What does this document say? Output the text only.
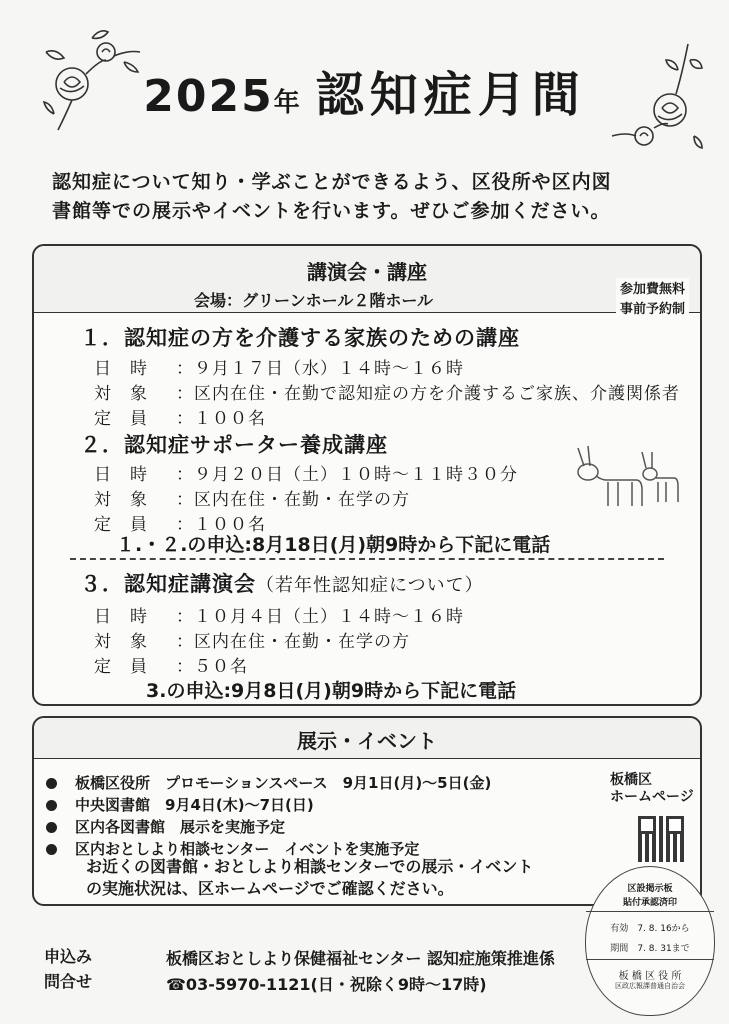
2025年 認知症月間
認知症について知り・学ぶことができるよう、区役所や区内図
書館等での展示やイベントを行います。ぜひご参加ください。
講演会・講座
会場：グリーンホール２階ホール
参加費無料
事前予約制
１．認知症の方を介護する家族のための講座
日　時 ：９月１７日（水）１４時～１６時
対　象 ：区内在住・在勤で認知症の方を介護するご家族、介護関係者
定　員 ：１００名
２．認知症サポーター養成講座
日　時 ：９月２０日（土）１０時～１１時３０分
対　象 ：区内在住・在勤・在学の方
定　員 ：１００名
１.・２.の申込:8月18日(月)朝9時から下記に電話
３．認知症講演会（若年性認知症について）
日　時 ：１０月４日（土）１４時～１６時
対　象 ：区内在住・在勤・在学の方
定　員 ：５０名
3.の申込:9月8日(月)朝9時から下記に電話
展示・イベント
板橋区役所　プロモーションスペース　9月1日(月)～5日(金)
中央図書館　9月4日(木)～7日(日)
区内各図書館　展示を実施予定
区内おとしより相談センター　イベントを実施予定
お近くの図書館・おとしより相談センターでの展示・イベント
の実施状況は、区ホームページでご確認ください。
板橋区
ホームページ
申込み
問合せ
板橋区おとしより保健福祉センター 認知症施策推進係
☎03-5970-1121(日・祝除く9時～17時)
区設掲示板
貼付承認済印
有効　 7. 8. 16から
期間　 7. 8. 31まで
板 橋 区 役 所
区政広報課普通自治会
